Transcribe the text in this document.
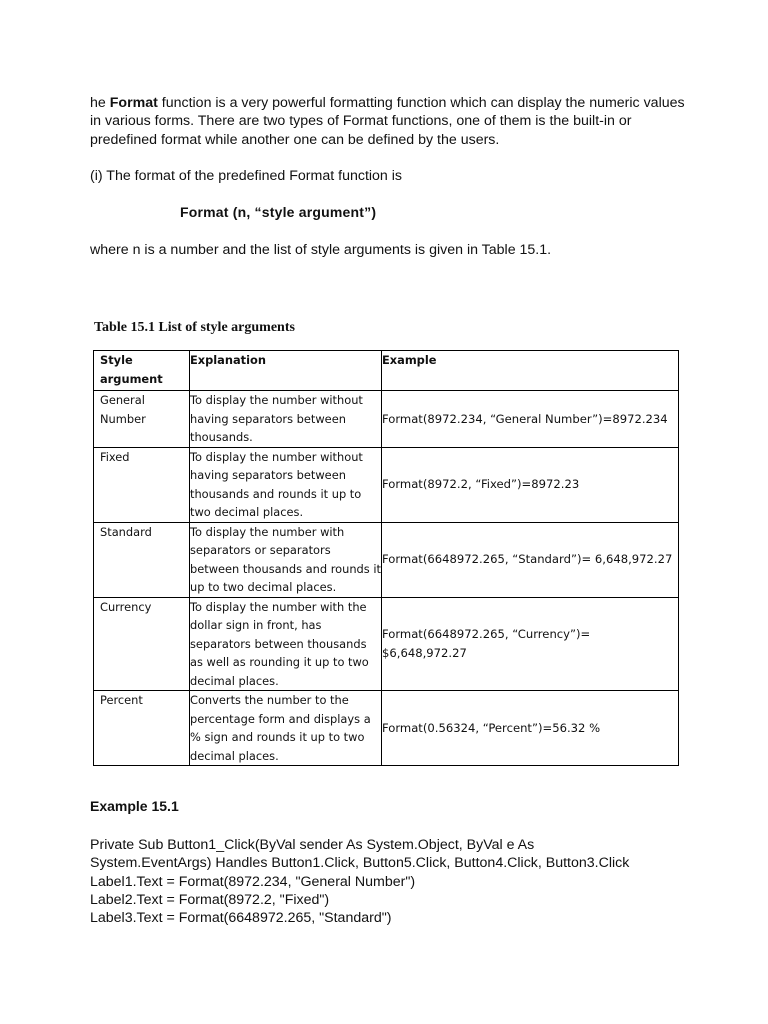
he Format function is a very powerful formatting function which can display the numeric values in various forms. There are two types of Format functions, one of them is the built-in or predefined format while another one can be defined by the users.

(i) The format of the predefined Format function is

Format (n, “style argument”)

where n is a number and the list of style arguments is given in Table 15.1.

Table 15.1 List of style arguments

Style argument	Explanation	Example
General Number	To display the number without having separators between thousands.	Format(8972.234, “General Number”)=8972.234
Fixed	To display the number without having separators between thousands and rounds it up to two decimal places.	Format(8972.2, “Fixed”)=8972.23
Standard	To display the number with separators or separators between thousands and rounds it up to two decimal places.	Format(6648972.265, “Standard”)= 6,648,972.27
Currency	To display the number with the dollar sign in front, has separators between thousands as well as rounding it up to two decimal places.	Format(6648972.265, “Currency”)= $6,648,972.27
Percent	Converts the number to the percentage form and displays a % sign and rounds it up to two decimal places.	Format(0.56324, “Percent”)=56.32 %

Example 15.1

Private Sub Button1_Click(ByVal sender As System.Object, ByVal e As
System.EventArgs) Handles Button1.Click, Button5.Click, Button4.Click, Button3.Click
Label1.Text = Format(8972.234, "General Number")
Label2.Text = Format(8972.2, "Fixed")
Label3.Text = Format(6648972.265, "Standard")
